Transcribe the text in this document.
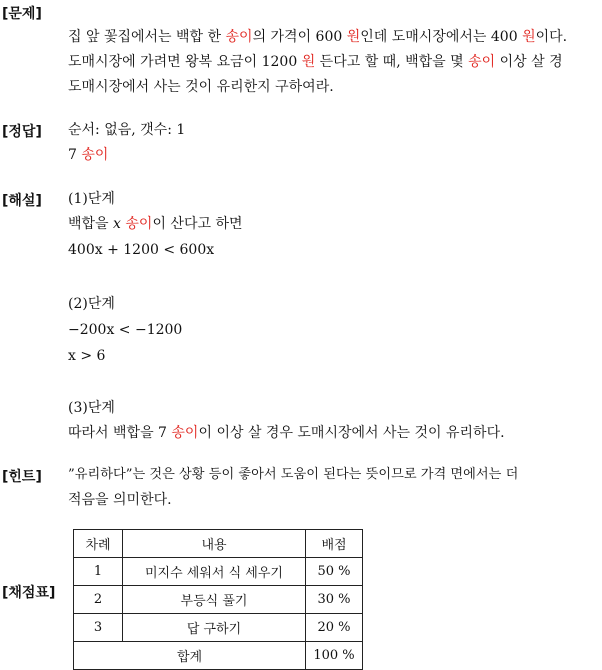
[문제]
집 앞 꽃집에서는 백합 한 송이의 가격이 600 원인데 도매시장에서는 400 원이다.
도매시장에 가려면 왕복 요금이 1200 원 든다고 할 때, 백합을 몇 송이 이상 살 경
도매시장에서 사는 것이 유리한지 구하여라.
[정답] 순서: 없음, 갯수: 1
7 송이
[해설] (1)단계
백합을 x 송이이 산다고 하면
400x + 1200 < 600x
(2)단계
−200x < −1200
x > 6
(3)단계
따라서 백합을 7 송이이 이상 살 경우 도매시장에서 사는 것이 유리하다.
[힌트] ”유리하다”는 것은 상황 등이 좋아서 도움이 된다는 뜻이므로 가격 면에서는 더
적음을 의미한다.
[채점표]
차례	내용	배점
1	미지수 세워서 식 세우기	50 %
2	부등식 풀기	30 %
3	답 구하기	20 %
합계		100 %
